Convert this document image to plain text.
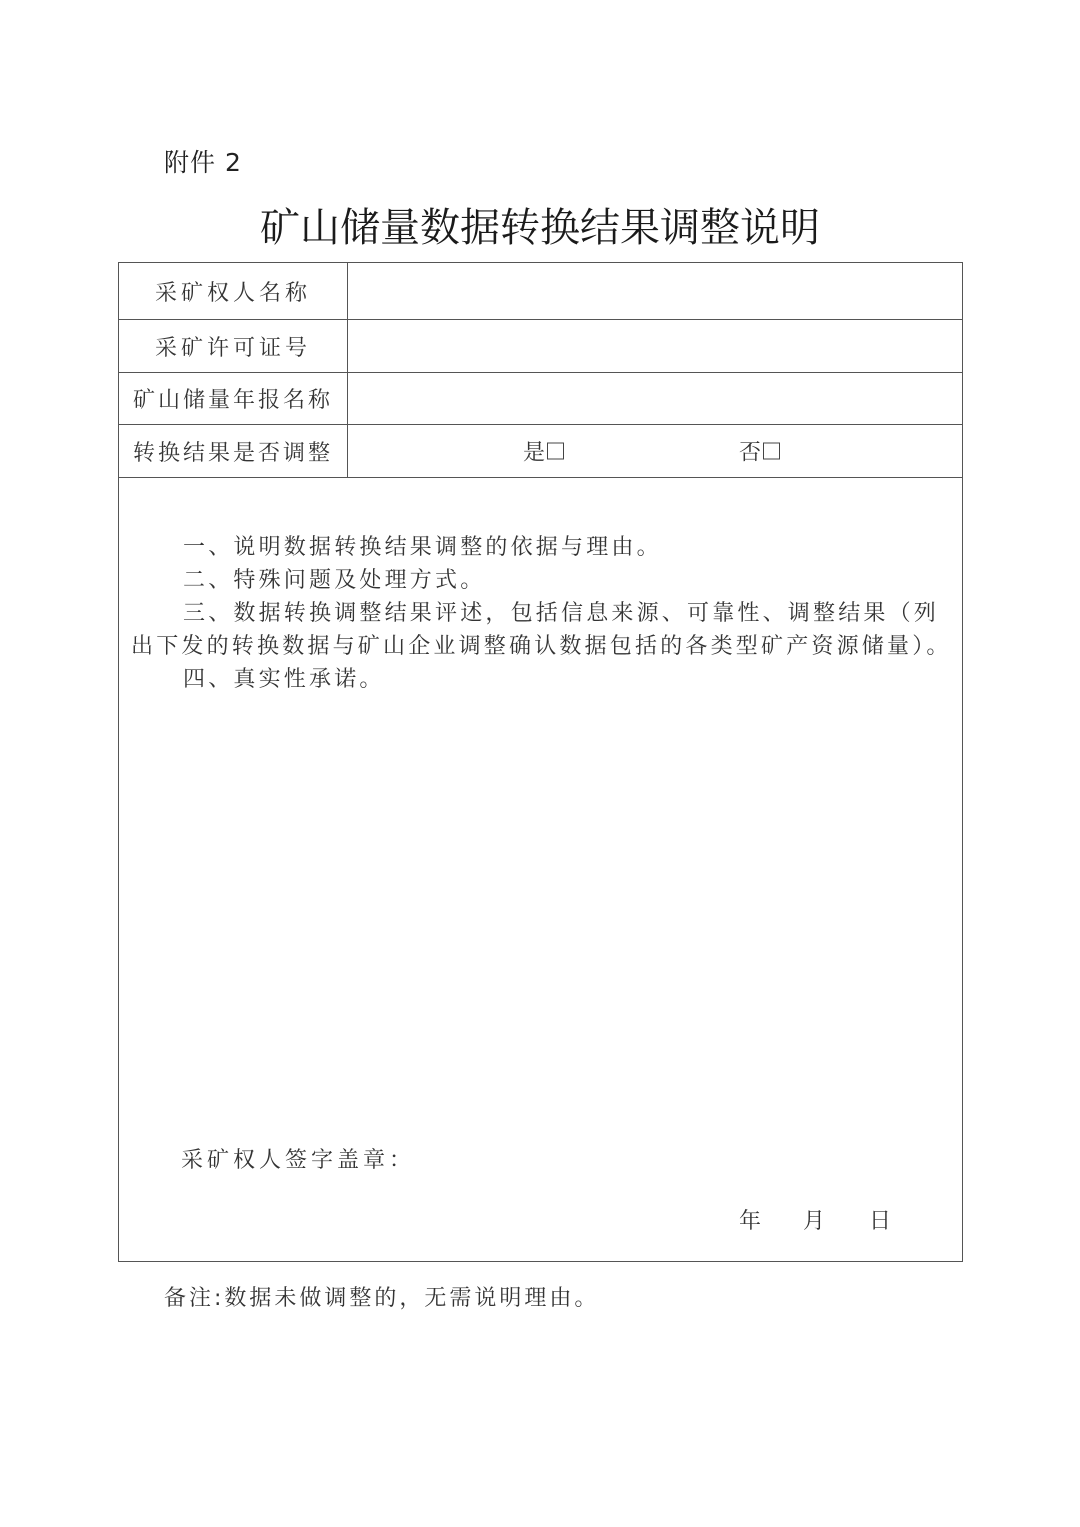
附件 2
矿山储量数据转换结果调整说明
采矿权人名称
采矿许可证号
矿山储量年报名称
转换结果是否调整	是	否

一、说明数据转换结果调整的依据与理由。

二、特殊问题及处理方式。

三、数据转换调整结果评述，包括信息来源、可靠性、调整结果（列出下发的转换数据与矿山企业调整确认数据包括的各类型矿产资源储量）。

四、真实性承诺。

采矿权人签字盖章：
年 月 日
备注:数据未做调整的，无需说明理由。
